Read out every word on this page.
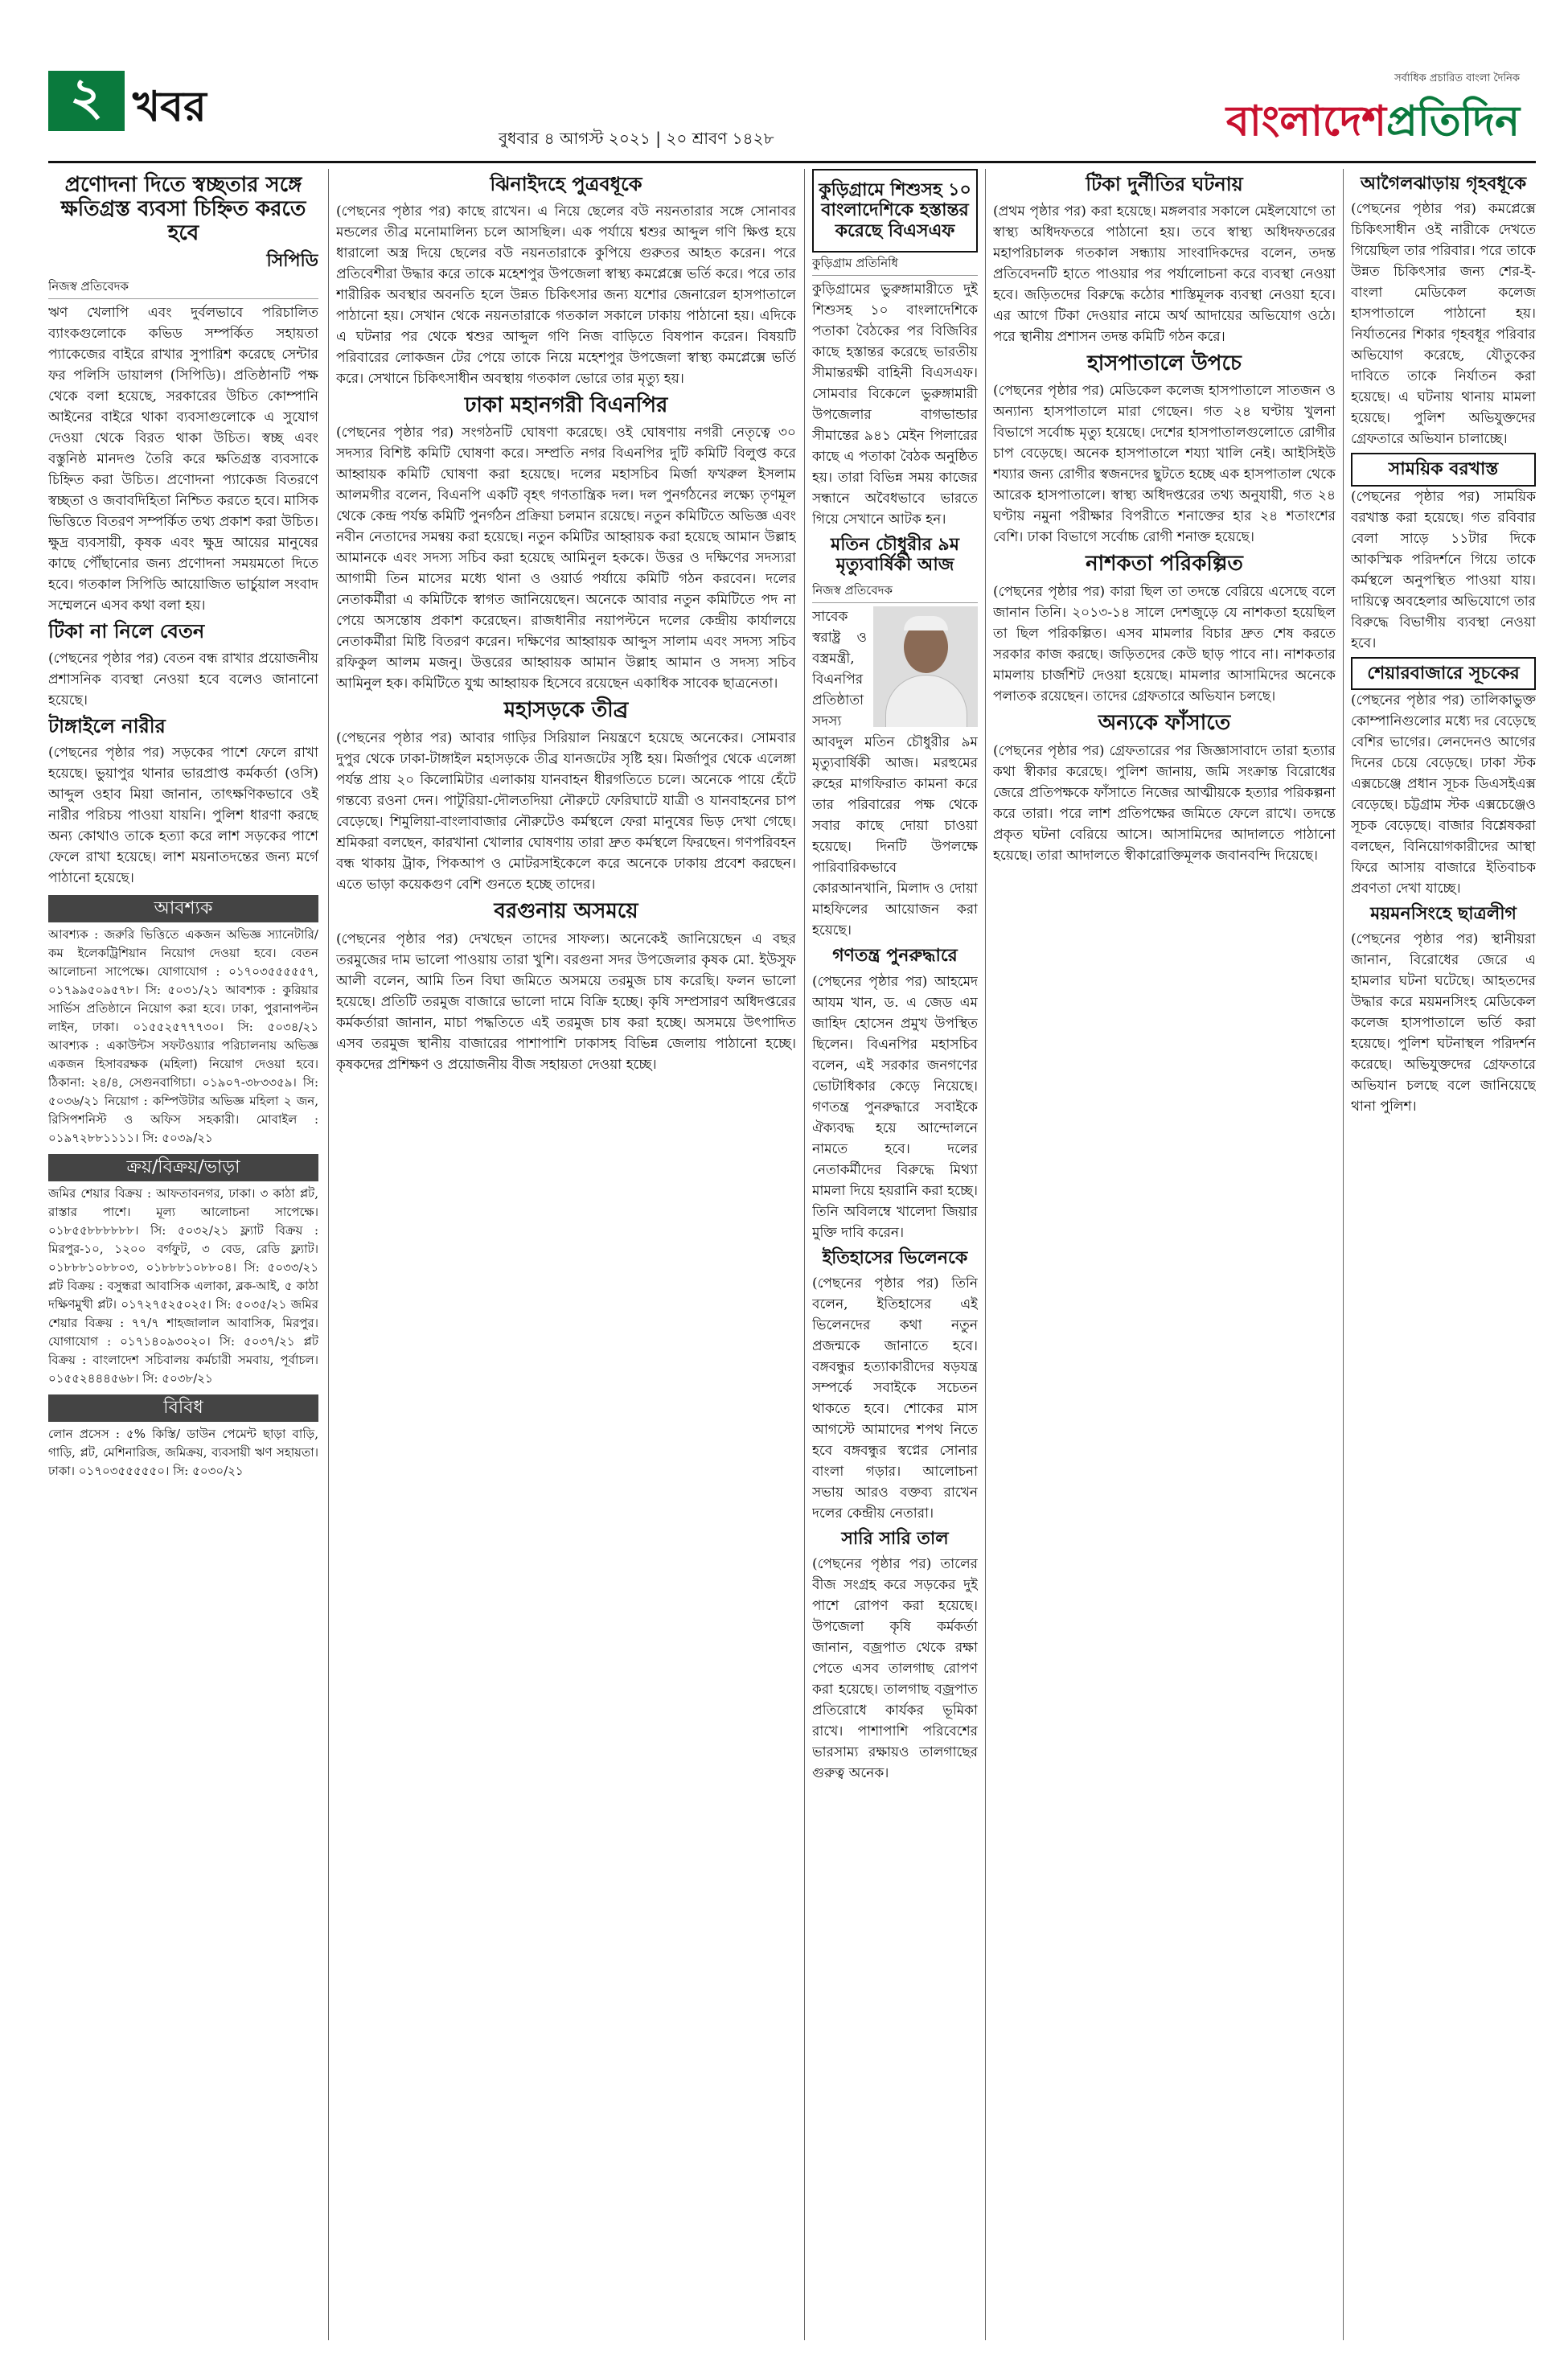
২ খবর
বুধবার ৪ আগস্ট ২০২১ | ২০ শ্রাবণ ১৪২৮
সর্বাধিক প্রচারিত বাংলা দৈনিক
বাংলাদেশপ্রতিদিন
প্রণোদনা দিতে স্বচ্ছতার সঙ্গে ক্ষতিগ্রস্ত ব্যবসা চিহ্নিত করতে হবে
সিপিডি
নিজস্ব প্রতিবেদক

ঋণ খেলাপি এবং দুর্বলভাবে পরিচালিত ব্যাংকগুলোকে কভিড সম্পর্কিত সহায়তা প্যাকেজের বাইরে রাখার সুপারিশ করেছে সেন্টার ফর পলিসি ডায়ালগ (সিপিডি)। প্রতিষ্ঠানটি পক্ষ থেকে বলা হয়েছে, সরকারের উচিত কোম্পানি আইনের বাইরে থাকা ব্যবসাগুলোকে এ সুযোগ দেওয়া থেকে বিরত থাকা উচিত। স্বচ্ছ এবং বস্তুনিষ্ঠ মানদণ্ড তৈরি করে ক্ষতিগ্রস্ত ব্যবসাকে চিহ্নিত করা উচিত। প্রণোদনা প্যাকেজ বিতরণে স্বচ্ছতা ও জবাবদিহিতা নিশ্চিত করতে হবে। মাসিক ভিত্তিতে বিতরণ সম্পর্কিত তথ্য প্রকাশ করা উচিত। ক্ষুদ্র ব্যবসায়ী, কৃষক এবং ক্ষুদ্র আয়ের মানুষের কাছে পৌঁছানোর জন্য প্রণোদনা সময়মতো দিতে হবে। গতকাল সিপিডি আয়োজিত ভার্চুয়াল সংবাদ সম্মেলনে এসব কথা বলা হয়।

টিকা না নিলে বেতন

(পেছনের পৃষ্ঠার পর) বেতন বন্ধ রাখার প্রয়োজনীয় প্রশাসনিক ব্যবস্থা নেওয়া হবে বলেও জানানো হয়েছে।

টাঙ্গাইলে নারীর

(পেছনের পৃষ্ঠার পর) সড়কের পাশে ফেলে রাখা হয়েছে। ভুয়াপুর থানার ভারপ্রাপ্ত কর্মকর্তা (ওসি) আব্দুল ওহাব মিয়া জানান, তাৎক্ষণিকভাবে ওই নারীর পরিচয় পাওয়া যায়নি। পুলিশ ধারণা করছে অন্য কোথাও তাকে হত্যা করে লাশ সড়কের পাশে ফেলে রাখা হয়েছে। লাশ ময়নাতদন্তের জন্য মর্গে পাঠানো হয়েছে।

আবশ্যক

আবশ্যক : জরুরি ভিত্তিতে একজন অভিজ্ঞ স্যানেটারি/কম ইলেকট্রিশিয়ান নিয়োগ দেওয়া হবে। বেতন আলোচনা সাপেক্ষে। যোগাযোগ : ০১৭০৩৫৫৫৫৫৭, ০১৭৯৯৫০৯৫৭৮। সি: ৫০৩১/২১ আবশ্যক : কুরিয়ার সার্ভিস প্রতিষ্ঠানে নিয়োগ করা হবে। ঢাকা, পুরানাপল্টন লাইন, ঢাকা। ০১৫৫২৫৭৭৭৩০। সি: ৫০৩৪/২১ আবশ্যক : একাউন্টস সফটওয়্যার পরিচালনায় অভিজ্ঞ একজন হিসাবরক্ষক (মহিলা) নিয়োগ দেওয়া হবে। ঠিকানা: ২৪/৪, সেগুনবাগিচা। ০১৯০৭-৩৮৩৩৫৯। সি: ৫০৩৬/২১ নিয়োগ : কম্পিউটার অভিজ্ঞ মহিলা ২ জন, রিসিপশনিস্ট ও অফিস সহকারী। মোবাইল : ০১৯৭২৮৮১১১১। সি: ৫০৩৯/২১

ক্রয়/বিক্রয়/ভাড়া

জমির শেয়ার বিক্রয় : আফতাবনগর, ঢাকা। ৩ কাঠা প্লট, রাস্তার পাশে। মূল্য আলোচনা সাপেক্ষে। ০১৮৫৫৮৮৮৮৮৮। সি: ৫০৩২/২১ ফ্ল্যাট বিক্রয় : মিরপুর-১০, ১২০০ বর্গফুট, ৩ বেড, রেডি ফ্ল্যাট। ০১৮৮৮১০৮৮০৩, ০১৮৮৮১০৮৮০৪। সি: ৫০৩৩/২১ প্লট বিক্রয় : বসুন্ধরা আবাসিক এলাকা, ব্লক-আই, ৫ কাঠা দক্ষিণমুখী প্লট। ০১৭২৭৫২৫০২৫। সি: ৫০৩৫/২১ জমির শেয়ার বিক্রয় : ৭৭/৭ শাহজালাল আবাসিক, মিরপুর। যোগাযোগ : ০১৭১৪০৯৩০২০। সি: ৫০৩৭/২১ প্লট বিক্রয় : বাংলাদেশ সচিবালয় কর্মচারী সমবায়, পূর্বাচল। ০১৫৫২৪৪৪৫৬৮। সি: ৫০৩৮/২১

বিবিধ

লোন প্রসেস : ৫% কিস্তি/ ডাউন পেমেন্ট ছাড়া বাড়ি, গাড়ি, প্লট, মেশিনারিজ, জমিক্রয়, ব্যবসায়ী ঋণ সহায়তা। ঢাকা। ০১৭০৩৫৫৫৫৫০। সি: ৫০৩০/২১

ঝিনাইদহে পুত্রবধূকে

(পেছনের পৃষ্ঠার পর) কাছে রাখেন। এ নিয়ে ছেলের বউ নয়নতারার সঙ্গে সোনাবর মন্ডলের তীব্র মনোমালিন্য চলে আসছিল। এক পর্যায়ে শ্বশুর আব্দুল গণি ক্ষিপ্ত হয়ে ধারালো অস্ত্র দিয়ে ছেলের বউ নয়নতারাকে কুপিয়ে গুরুতর আহত করেন। পরে প্রতিবেশীরা উদ্ধার করে তাকে মহেশপুর উপজেলা স্বাস্থ্য কমপ্লেক্সে ভর্তি করে। পরে তার শারীরিক অবস্থার অবনতি হলে উন্নত চিকিৎসার জন্য যশোর জেনারেল হাসপাতালে পাঠানো হয়। সেখান থেকে নয়নতারাকে গতকাল সকালে ঢাকায় পাঠানো হয়। এদিকে এ ঘটনার পর থেকে শ্বশুর আব্দুল গণি নিজ বাড়িতে বিষপান করেন। বিষয়টি পরিবারের লোকজন টের পেয়ে তাকে নিয়ে মহেশপুর উপজেলা স্বাস্থ্য কমপ্লেক্সে ভর্তি করে। সেখানে চিকিৎসাধীন অবস্থায় গতকাল ভোরে তার মৃত্যু হয়।

ঢাকা মহানগরী বিএনপির

(পেছনের পৃষ্ঠার পর) সংগঠনটি ঘোষণা করেছে। ওই ঘোষণায় নগরী নেতৃত্বে ৩০ সদস্যর বিশিষ্ট কমিটি ঘোষণা করে। সম্প্রতি নগর বিএনপির দুটি কমিটি বিলুপ্ত করে আহ্বায়ক কমিটি ঘোষণা করা হয়েছে। দলের মহাসচিব মির্জা ফখরুল ইসলাম আলমগীর বলেন, বিএনপি একটি বৃহৎ গণতান্ত্রিক দল। দল পুনর্গঠনের লক্ষ্যে তৃণমূল থেকে কেন্দ্র পর্যন্ত কমিটি পুনর্গঠন প্রক্রিয়া চলমান রয়েছে। নতুন কমিটিতে অভিজ্ঞ এবং নবীন নেতাদের সমন্বয় করা হয়েছে। নতুন কমিটির আহ্বায়ক করা হয়েছে আমান উল্লাহ আমানকে এবং সদস্য সচিব করা হয়েছে আমিনুল হককে। উত্তর ও দক্ষিণের সদস্যরা আগামী তিন মাসের মধ্যে থানা ও ওয়ার্ড পর্যায়ে কমিটি গঠন করবেন। দলের নেতাকর্মীরা এ কমিটিকে স্বাগত জানিয়েছেন। অনেকে আবার নতুন কমিটিতে পদ না পেয়ে অসন্তোষ প্রকাশ করেছেন। রাজধানীর নয়াপল্টনে দলের কেন্দ্রীয় কার্যালয়ে নেতাকর্মীরা মিষ্টি বিতরণ করেন। দক্ষিণের আহ্বায়ক আব্দুস সালাম এবং সদস্য সচিব রফিকুল আলম মজনু। উত্তরের আহ্বায়ক আমান উল্লাহ আমান ও সদস্য সচিব আমিনুল হক। কমিটিতে যুগ্ম আহ্বায়ক হিসেবে রয়েছেন একাধিক সাবেক ছাত্রনেতা।

মহাসড়কে তীব্র

(পেছনের পৃষ্ঠার পর) আবার গাড়ির সিরিয়াল নিয়ন্ত্রণে হয়েছে অনেকের। সোমবার দুপুর থেকে ঢাকা-টাঙ্গাইল মহাসড়কে তীব্র যানজটের সৃষ্টি হয়। মির্জাপুর থেকে এলেঙ্গা পর্যন্ত প্রায় ২০ কিলোমিটার এলাকায় যানবাহন ধীরগতিতে চলে। অনেকে পায়ে হেঁটে গন্তব্যে রওনা দেন। পাটুরিয়া-দৌলতদিয়া নৌরুটে ফেরিঘাটে যাত্রী ও যানবাহনের চাপ বেড়েছে। শিমুলিয়া-বাংলাবাজার নৌরুটেও কর্মস্থলে ফেরা মানুষের ভিড় দেখা গেছে। শ্রমিকরা বলছেন, কারখানা খোলার ঘোষণায় তারা দ্রুত কর্মস্থলে ফিরছেন। গণপরিবহন বন্ধ থাকায় ট্রাক, পিকআপ ও মোটরসাইকেলে করে অনেকে ঢাকায় প্রবেশ করছেন। এতে ভাড়া কয়েকগুণ বেশি গুনতে হচ্ছে তাদের।

বরগুনায় অসময়ে

(পেছনের পৃষ্ঠার পর) দেখছেন তাদের সাফল্য। অনেকেই জানিয়েছেন এ বছর তরমুজের দাম ভালো পাওয়ায় তারা খুশি। বরগুনা সদর উপজেলার কৃষক মো. ইউসুফ আলী বলেন, আমি তিন বিঘা জমিতে অসময়ে তরমুজ চাষ করেছি। ফলন ভালো হয়েছে। প্রতিটি তরমুজ বাজারে ভালো দামে বিক্রি হচ্ছে। কৃষি সম্প্রসারণ অধিদপ্তরের কর্মকর্তারা জানান, মাচা পদ্ধতিতে এই তরমুজ চাষ করা হচ্ছে। অসময়ে উৎপাদিত এসব তরমুজ স্থানীয় বাজারের পাশাপাশি ঢাকাসহ বিভিন্ন জেলায় পাঠানো হচ্ছে। কৃষকদের প্রশিক্ষণ ও প্রয়োজনীয় বীজ সহায়তা দেওয়া হচ্ছে।

কুড়িগ্রামে শিশুসহ ১০ বাংলাদেশিকে হস্তান্তর করেছে বিএসএফ
কুড়িগ্রাম প্রতিনিধি

কুড়িগ্রামের ভুরুঙ্গামারীতে দুই শিশুসহ ১০ বাংলাদেশিকে পতাকা বৈঠকের পর বিজিবির কাছে হস্তান্তর করেছে ভারতীয় সীমান্তরক্ষী বাহিনী বিএসএফ। সোমবার বিকেলে ভুরুঙ্গামারী উপজেলার বাগভান্ডার সীমান্তের ৯৪১ মেইন পিলারের কাছে এ পতাকা বৈঠক অনুষ্ঠিত হয়। তারা বিভিন্ন সময় কাজের সন্ধানে অবৈধভাবে ভারতে গিয়ে সেখানে আটক হন।

মতিন চৌধুরীর ৯ম মৃত্যুবার্ষিকী আজ
নিজস্ব প্রতিবেদক

সাবেক স্বরাষ্ট্র ও বস্ত্রমন্ত্রী, বিএনপির প্রতিষ্ঠাতা সদস্য আবদুল মতিন চৌধুরীর ৯ম মৃত্যুবার্ষিকী আজ। মরহুমের রুহের মাগফিরাত কামনা করে তার পরিবারের পক্ষ থেকে সবার কাছে দোয়া চাওয়া হয়েছে। দিনটি উপলক্ষে পারিবারিকভাবে কোরআনখানি, মিলাদ ও দোয়া মাহফিলের আয়োজন করা হয়েছে।

গণতন্ত্র পুনরুদ্ধারে

(পেছনের পৃষ্ঠার পর) আহমেদ আযম খান, ড. এ জেড এম জাহিদ হোসেন প্রমুখ উপস্থিত ছিলেন। বিএনপির মহাসচিব বলেন, এই সরকার জনগণের ভোটাধিকার কেড়ে নিয়েছে। গণতন্ত্র পুনরুদ্ধারে সবাইকে ঐক্যবদ্ধ হয়ে আন্দোলনে নামতে হবে। দলের নেতাকর্মীদের বিরুদ্ধে মিথ্যা মামলা দিয়ে হয়রানি করা হচ্ছে। তিনি অবিলম্বে খালেদা জিয়ার মুক্তি দাবি করেন।

ইতিহাসের ভিলেনকে

(পেছনের পৃষ্ঠার পর) তিনি বলেন, ইতিহাসের এই ভিলেনদের কথা নতুন প্রজন্মকে জানাতে হবে। বঙ্গবন্ধুর হত্যাকারীদের ষড়যন্ত্র সম্পর্কে সবাইকে সচেতন থাকতে হবে। শোকের মাস আগস্টে আমাদের শপথ নিতে হবে বঙ্গবন্ধুর স্বপ্নের সোনার বাংলা গড়ার। আলোচনা সভায় আরও বক্তব্য রাখেন দলের কেন্দ্রীয় নেতারা।

সারি সারি তাল

(পেছনের পৃষ্ঠার পর) তালের বীজ সংগ্রহ করে সড়কের দুই পাশে রোপণ করা হয়েছে। উপজেলা কৃষি কর্মকর্তা জানান, বজ্রপাত থেকে রক্ষা পেতে এসব তালগাছ রোপণ করা হয়েছে। তালগাছ বজ্রপাত প্রতিরোধে কার্যকর ভূমিকা রাখে। পাশাপাশি পরিবেশের ভারসাম্য রক্ষায়ও তালগাছের গুরুত্ব অনেক।

টিকা দুর্নীতির ঘটনায়

(প্রথম পৃষ্ঠার পর) করা হয়েছে। মঙ্গলবার সকালে মেইলযোগে তা স্বাস্থ্য অধিদফতরে পাঠানো হয়। তবে স্বাস্থ্য অধিদফতরের মহাপরিচালক গতকাল সন্ধ্যায় সাংবাদিকদের বলেন, তদন্ত প্রতিবেদনটি হাতে পাওয়ার পর পর্যালোচনা করে ব্যবস্থা নেওয়া হবে। জড়িতদের বিরুদ্ধে কঠোর শাস্তিমূলক ব্যবস্থা নেওয়া হবে। এর আগে টিকা দেওয়ার নামে অর্থ আদায়ের অভিযোগ ওঠে। পরে স্থানীয় প্রশাসন তদন্ত কমিটি গঠন করে।

হাসপাতালে উপচে

(পেছনের পৃষ্ঠার পর) মেডিকেল কলেজ হাসপাতালে সাতজন ও অন্যান্য হাসপাতালে মারা গেছেন। গত ২৪ ঘণ্টায় খুলনা বিভাগে সর্বোচ্চ মৃত্যু হয়েছে। দেশের হাসপাতালগুলোতে রোগীর চাপ বেড়েছে। অনেক হাসপাতালে শয্যা খালি নেই। আইসিইউ শয্যার জন্য রোগীর স্বজনদের ছুটতে হচ্ছে এক হাসপাতাল থেকে আরেক হাসপাতালে। স্বাস্থ্য অধিদপ্তরের তথ্য অনুযায়ী, গত ২৪ ঘণ্টায় নমুনা পরীক্ষার বিপরীতে শনাক্তের হার ২৪ শতাংশের বেশি। ঢাকা বিভাগে সর্বোচ্চ রোগী শনাক্ত হয়েছে।

নাশকতা পরিকল্পিত

(পেছনের পৃষ্ঠার পর) কারা ছিল তা তদন্তে বেরিয়ে এসেছে বলে জানান তিনি। ২০১৩-১৪ সালে দেশজুড়ে যে নাশকতা হয়েছিল তা ছিল পরিকল্পিত। এসব মামলার বিচার দ্রুত শেষ করতে সরকার কাজ করছে। জড়িতদের কেউ ছাড় পাবে না। নাশকতার মামলায় চার্জশিট দেওয়া হয়েছে। মামলার আসামিদের অনেকে পলাতক রয়েছেন। তাদের গ্রেফতারে অভিযান চলছে।

অন্যকে ফাঁসাতে

(পেছনের পৃষ্ঠার পর) গ্রেফতারের পর জিজ্ঞাসাবাদে তারা হত্যার কথা স্বীকার করেছে। পুলিশ জানায়, জমি সংক্রান্ত বিরোধের জেরে প্রতিপক্ষকে ফাঁসাতে নিজের আত্মীয়কে হত্যার পরিকল্পনা করে তারা। পরে লাশ প্রতিপক্ষের জমিতে ফেলে রাখে। তদন্তে প্রকৃত ঘটনা বেরিয়ে আসে। আসামিদের আদালতে পাঠানো হয়েছে। তারা আদালতে স্বীকারোক্তিমূলক জবানবন্দি দিয়েছে।

আগৈলঝাড়ায় গৃহবধূকে

(পেছনের পৃষ্ঠার পর) কমপ্লেক্সে চিকিৎসাধীন ওই নারীকে দেখতে গিয়েছিল তার পরিবার। পরে তাকে উন্নত চিকিৎসার জন্য শের-ই-বাংলা মেডিকেল কলেজ হাসপাতালে পাঠানো হয়। নির্যাতনের শিকার গৃহবধূর পরিবার অভিযোগ করেছে, যৌতুকের দাবিতে তাকে নির্যাতন করা হয়েছে। এ ঘটনায় থানায় মামলা হয়েছে। পুলিশ অভিযুক্তদের গ্রেফতারে অভিযান চালাচ্ছে।

সাময়িক বরখাস্ত

(পেছনের পৃষ্ঠার পর) সাময়িক বরখাস্ত করা হয়েছে। গত রবিবার বেলা সাড়ে ১১টার দিকে আকস্মিক পরিদর্শনে গিয়ে তাকে কর্মস্থলে অনুপস্থিত পাওয়া যায়। দায়িত্বে অবহেলার অভিযোগে তার বিরুদ্ধে বিভাগীয় ব্যবস্থা নেওয়া হবে।

শেয়ারবাজারে সূচকের

(পেছনের পৃষ্ঠার পর) তালিকাভুক্ত কোম্পানিগুলোর মধ্যে দর বেড়েছে বেশির ভাগের। লেনদেনও আগের দিনের চেয়ে বেড়েছে। ঢাকা স্টক এক্সচেঞ্জে প্রধান সূচক ডিএসইএক্স বেড়েছে। চট্টগ্রাম স্টক এক্সচেঞ্জেও সূচক বেড়েছে। বাজার বিশ্লেষকরা বলছেন, বিনিয়োগকারীদের আস্থা ফিরে আসায় বাজারে ইতিবাচক প্রবণতা দেখা যাচ্ছে।

ময়মনসিংহে ছাত্রলীগ

(পেছনের পৃষ্ঠার পর) স্থানীয়রা জানান, বিরোধের জেরে এ হামলার ঘটনা ঘটেছে। আহতদের উদ্ধার করে ময়মনসিংহ মেডিকেল কলেজ হাসপাতালে ভর্তি করা হয়েছে। পুলিশ ঘটনাস্থল পরিদর্শন করেছে। অভিযুক্তদের গ্রেফতারে অভিযান চলছে বলে জানিয়েছে থানা পুলিশ।
